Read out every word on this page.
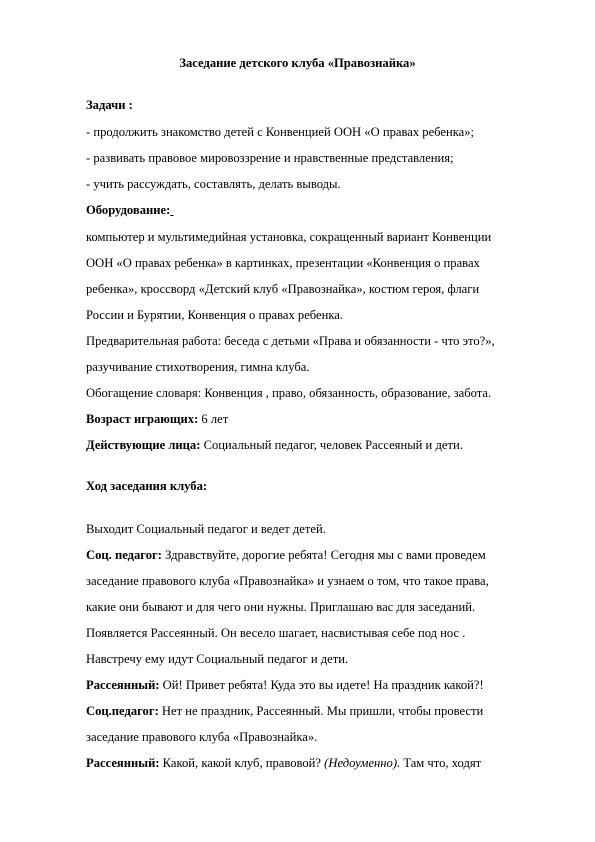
Заседание детского клуба «Правознайка»
Задачи :
- продолжить знакомство детей с Конвенцией ООН «О правах ребенка»;
- развивать правовое мировоззрение и нравственные представления;
- учить рассуждать, составлять, делать выводы.
Оборудование:
компьютер и мультимедийная установка, сокращенный вариант Конвенции
ООН «О правах ребенка» в картинках, презентации «Конвенция о правах
ребенка», кроссворд «Детский клуб «Правознайка», костюм героя, флаги
России и Бурятии, Конвенция о правах ребенка.
Предварительная работа: беседа с детьми «Права и обязанности - что это?»,
разучивание стихотворения, гимна клуба.
Обогащение словаря: Конвенция , право, обязанность, образование, забота.
Возраст играющих: 6 лет
Действующие лица: Социальный педагог, человек Рассеяный и дети.
Ход заседания клуба:
Выходит Социальный педагог и ведет детей.
Соц. педагог: Здравствуйте, дорогие ребята! Сегодня мы с вами проведем
заседание правового клуба «Правознайка» и узнаем о том, что такое права,
какие они бывают и для чего они нужны. Приглашаю вас для заседаний.
Появляется Рассеянный. Он весело шагает, насвистывая себе под нос .
Навстречу ему идут Социальный педагог и дети.
Рассеянный: Ой! Привет ребята! Куда это вы идете! На праздник какой?!
Соц.педагог: Нет не праздник, Рассеянный. Мы пришли, чтобы провести
заседание правового клуба «Правознайка».
Рассеянный: Какой, какой клуб, правовой? (Недоуменно). Там что, ходят
